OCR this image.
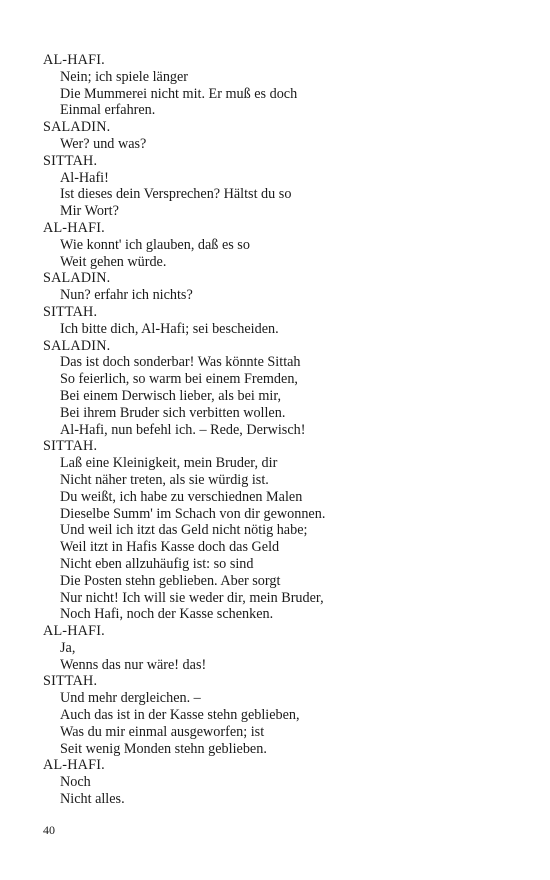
AL-HAFI.
Nein; ich spiele länger
Die Mummerei nicht mit. Er muß es doch
Einmal erfahren.
SALADIN.
Wer? und was?
SITTAH.
Al-Hafi!
Ist dieses dein Versprechen? Hältst du so
Mir Wort?
AL-HAFI.
Wie konnt' ich glauben, daß es so
Weit gehen würde.
SALADIN.
Nun? erfahr ich nichts?
SITTAH.
Ich bitte dich, Al-Hafi; sei bescheiden.
SALADIN.
Das ist doch sonderbar! Was könnte Sittah
So feierlich, so warm bei einem Fremden,
Bei einem Derwisch lieber, als bei mir,
Bei ihrem Bruder sich verbitten wollen.
Al-Hafi, nun befehl ich. – Rede, Derwisch!
SITTAH.
Laß eine Kleinigkeit, mein Bruder, dir
Nicht näher treten, als sie würdig ist.
Du weißt, ich habe zu verschiednen Malen
Dieselbe Summ' im Schach von dir gewonnen.
Und weil ich itzt das Geld nicht nötig habe;
Weil itzt in Hafis Kasse doch das Geld
Nicht eben allzuhäufig ist: so sind
Die Posten stehn geblieben. Aber sorgt
Nur nicht! Ich will sie weder dir, mein Bruder,
Noch Hafi, noch der Kasse schenken.
AL-HAFI.
Ja,
Wenns das nur wäre! das!
SITTAH.
Und mehr dergleichen. –
Auch das ist in der Kasse stehn geblieben,
Was du mir einmal ausgeworfen; ist
Seit wenig Monden stehn geblieben.
AL-HAFI.
Noch
Nicht alles.
40
